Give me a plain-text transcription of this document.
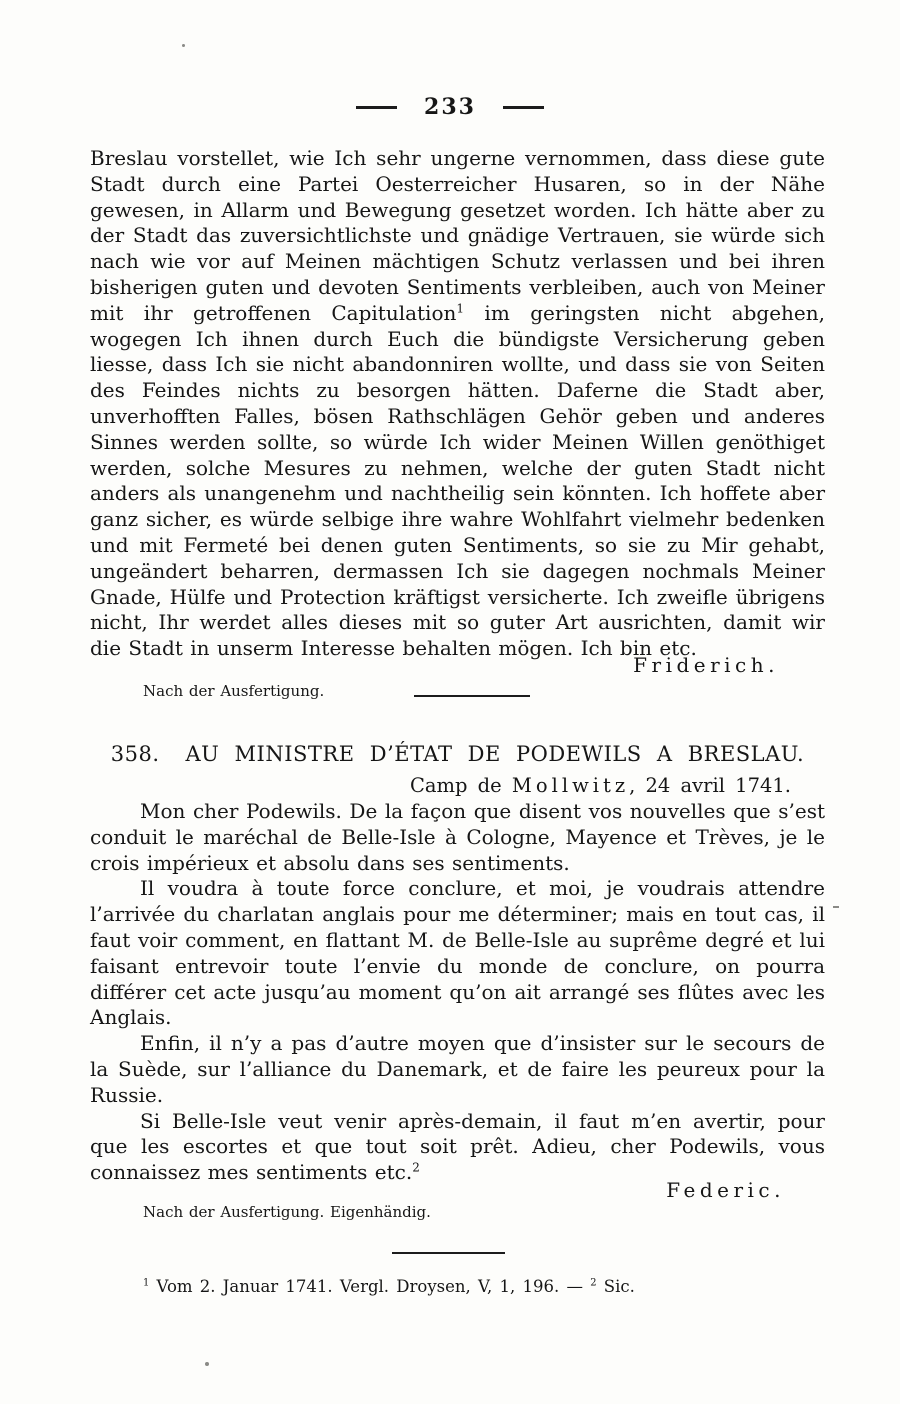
233

Breslau vorstellet, wie Ich sehr ungerne vernommen, dass diese gute Stadt durch eine Partei Oesterreicher Husaren, so in der Nähe gewesen, in Allarm und Bewegung gesetzet worden. Ich hätte aber zu der Stadt das zuversichtlichste und gnädige Vertrauen, sie würde sich nach wie vor auf Meinen mächtigen Schutz verlassen und bei ihren bisherigen guten und devoten Sentiments verbleiben, auch von Meiner mit ihr getroffenen Capitulation$^1$ im geringsten nicht abgehen, wogegen Ich ihnen durch Euch die bündigste Versicherung geben liesse, dass Ich sie nicht abandonniren wollte, und dass sie von Seiten des Feindes nichts zu besorgen hätten. Daferne die Stadt aber, unverhofften Falles, bösen Rathschlägen Gehör geben und anderes Sinnes werden sollte, so würde Ich wider Meinen Willen genöthiget werden, solche Mesures zu nehmen, welche der guten Stadt nicht anders als unangenehm und nachtheilig sein könnten. Ich hoffete aber ganz sicher, es würde selbige ihre wahre Wohlfahrt vielmehr bedenken und mit Fermeté bei denen guten Sentiments, so sie zu Mir gehabt, ungeändert beharren, dermassen Ich sie dagegen nochmals Meiner Gnade, Hülfe und Protection kräftigst versicherte. Ich zweifle übrigens nicht, Ihr werdet alles dieses mit so guter Art ausrichten, damit wir die Stadt in unserm Interesse behalten mögen. Ich bin etc.

Friderich.
Nach der Ausfertigung.
358. AU MINISTRE D’ÉTAT DE PODEWILS A BRESLAU.
Camp de Mollwitz, 24 avril 1741.

Mon cher Podewils. De la façon que disent vos nouvelles que s’est conduit le maréchal de Belle-Isle à Cologne, Mayence et Trèves, je le crois impérieux et absolu dans ses sentiments.

Il voudra à toute force conclure, et moi, je voudrais attendre l’arrivée du charlatan anglais pour me déterminer; mais en tout cas, il faut voir comment, en flattant M. de Belle-Isle au suprême degré et lui faisant entrevoir toute l’envie du monde de conclure, on pourra différer cet acte jusqu’au moment qu’on ait arrangé ses flûtes avec les Anglais.

Enfin, il n’y a pas d’autre moyen que d’insister sur le secours de la Suède, sur l’alliance du Danemark, et de faire les peureux pour la Russie.

Si Belle-Isle veut venir après-demain, il faut m’en avertir, pour que les escortes et que tout soit prêt. Adieu, cher Podewils, vous connaissez mes sentiments etc.$^2$

Federic.
Nach der Ausfertigung. Eigenhändig.
$^1$ Vom 2. Januar 1741. Vergl. Droysen, V, 1, 196. — $^2$ Sic.
